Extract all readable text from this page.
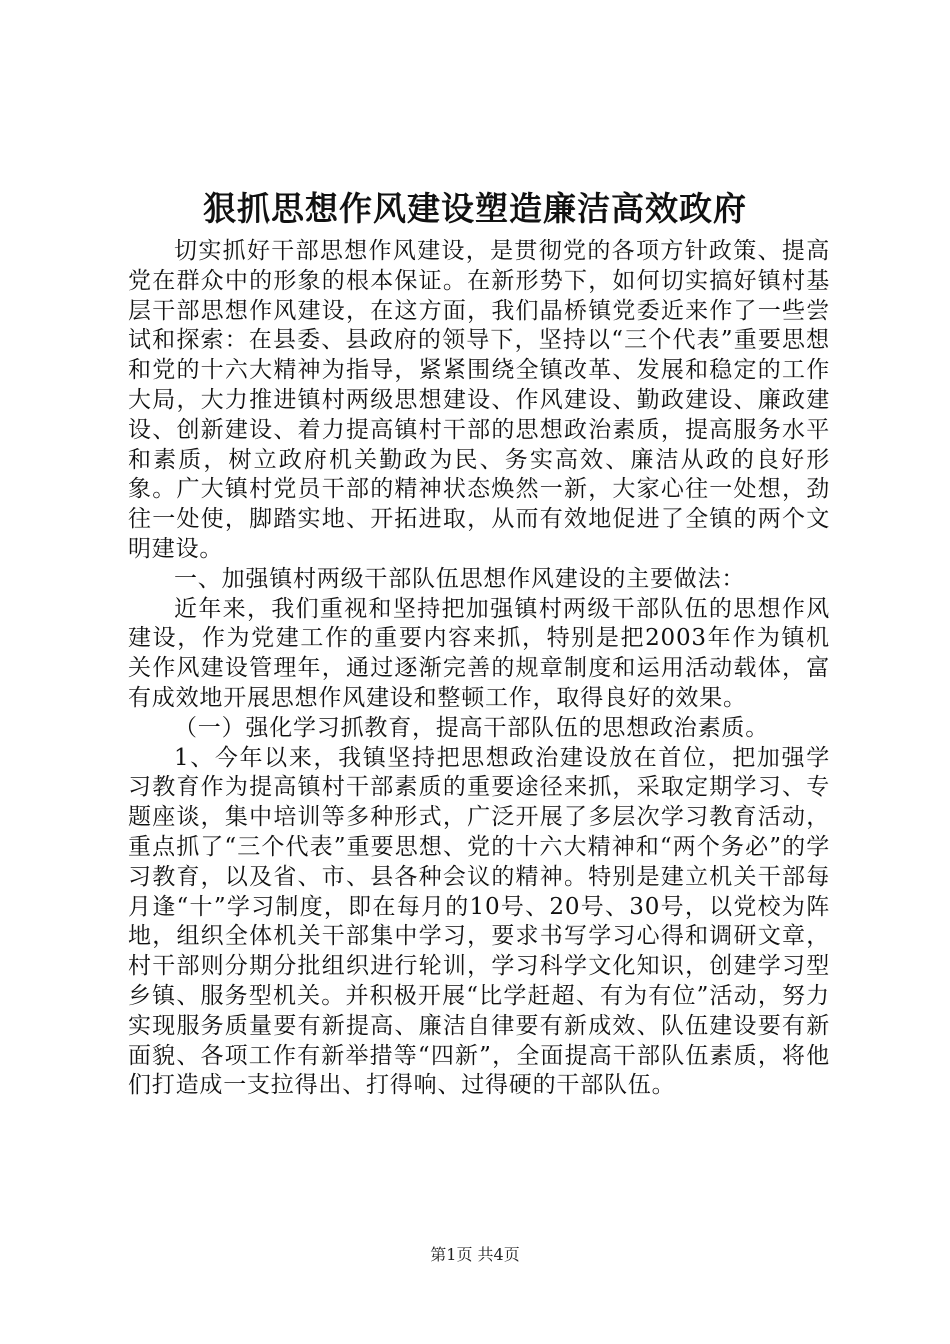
狠抓思想作风建设塑造廉洁高效政府

切实抓好干部思想作风建设，是贯彻党的各项方针政策、提高党在群众中的形象的根本保证。在新形势下，如何切实搞好镇村基层干部思想作风建设，在这方面，我们晶桥镇党委近来作了一些尝试和探索：在县委、县政府的领导下，坚持以“三个代表”重要思想和党的十六大精神为指导，紧紧围绕全镇改革、发展和稳定的工作大局，大力推进镇村两级思想建设、作风建设、勤政建设、廉政建设、创新建设、着力提高镇村干部的思想政治素质，提高服务水平和素质，树立政府机关勤政为民、务实高效、廉洁从政的良好形象。广大镇村党员干部的精神状态焕然一新，大家心往一处想，劲往一处使，脚踏实地、开拓进取，从而有效地促进了全镇的两个文明建设。

一、加强镇村两级干部队伍思想作风建设的主要做法：

近年来，我们重视和坚持把加强镇村两级干部队伍的思想作风建设，作为党建工作的重要内容来抓，特别是把2003年作为镇机关作风建设管理年，通过逐渐完善的规章制度和运用活动载体，富有成效地开展思想作风建设和整顿工作，取得良好的效果。

（一）强化学习抓教育，提高干部队伍的思想政治素质。

1、今年以来，我镇坚持把思想政治建设放在首位，把加强学习教育作为提高镇村干部素质的重要途径来抓，采取定期学习、专题座谈，集中培训等多种形式，广泛开展了多层次学习教育活动，重点抓了“三个代表”重要思想、党的十六大精神和“两个务必”的学习教育，以及省、市、县各种会议的精神。特别是建立机关干部每月逢“十”学习制度，即在每月的10号、20号、30号，以党校为阵地，组织全体机关干部集中学习，要求书写学习心得和调研文章，村干部则分期分批组织进行轮训，学习科学文化知识，创建学习型乡镇、服务型机关。并积极开展“比学赶超、有为有位”活动，努力实现服务质量要有新提高、廉洁自律要有新成效、队伍建设要有新面貌、各项工作有新举措等“四新”，全面提高干部队伍素质，将他们打造成一支拉得出、打得响、过得硬的干部队伍。

第1页 共4页
